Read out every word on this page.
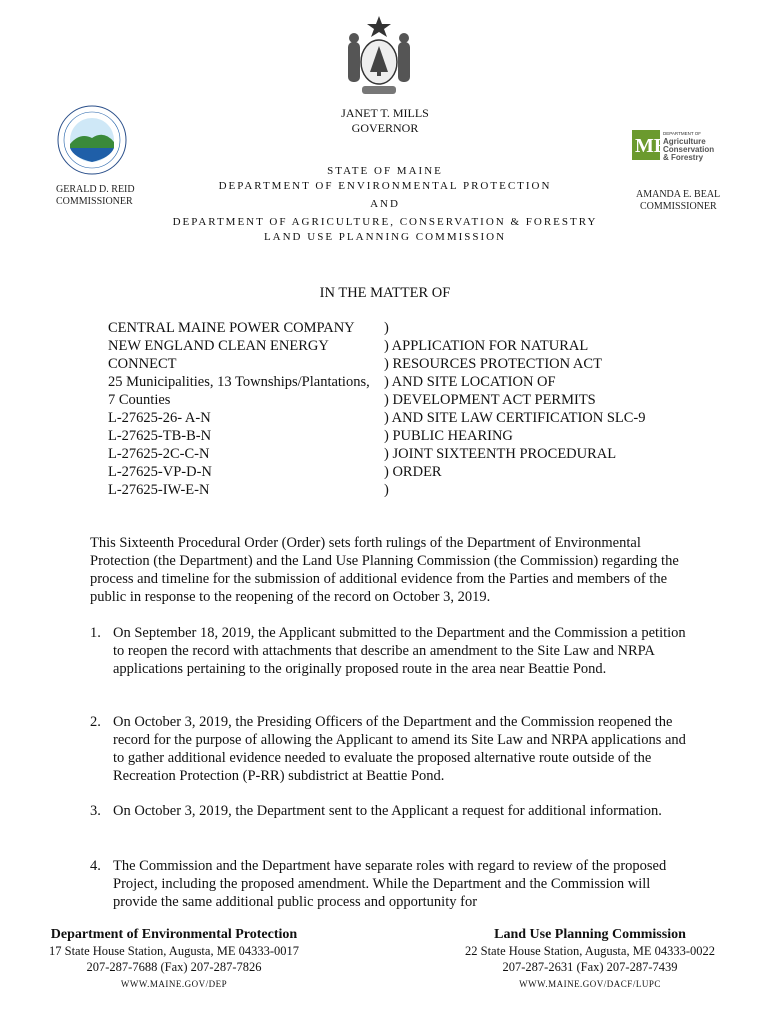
JANET T. MILLS
GOVERNOR
GERALD D. REID
COMMISSIONER
ME
DEPARTMENT OF
Agriculture
Conservation
& Forestry
AMANDA E. BEAL
COMMISSIONER
STATE OF MAINE
DEPARTMENT OF ENVIRONMENTAL PROTECTION
AND
DEPARTMENT OF AGRICULTURE, CONSERVATION & FORESTRY
LAND USE PLANNING COMMISSION
IN THE MATTER OF
CENTRAL MAINE POWER COMPANY
NEW ENGLAND CLEAN ENERGY
CONNECT
25 Municipalities, 13 Townships/Plantations,
7 Counties
L-27625-26- A-N
L-27625-TB-B-N
L-27625-2C-C-N
L-27625-VP-D-N
L-27625-IW-E-N
)
) APPLICATION FOR NATURAL
) RESOURCES PROTECTION ACT
) AND SITE LOCATION OF
) DEVELOPMENT ACT PERMITS
) AND SITE LAW CERTIFICATION SLC-9
) PUBLIC HEARING
) JOINT SIXTEENTH PROCEDURAL
) ORDER
)
This Sixteenth Procedural Order (Order) sets forth rulings of the Department of Environmental Protection (the Department) and the Land Use Planning Commission (the Commission) regarding the process and timeline for the submission of additional evidence from the Parties and members of the public in response to the reopening of the record on October 3, 2019.
1. On September 18, 2019, the Applicant submitted to the Department and the Commission a petition to reopen the record with attachments that describe an amendment to the Site Law and NRPA applications pertaining to the originally proposed route in the area near Beattie Pond.
2. On October 3, 2019, the Presiding Officers of the Department and the Commission reopened the record for the purpose of allowing the Applicant to amend its Site Law and NRPA applications and to gather additional evidence needed to evaluate the proposed alternative route outside of the Recreation Protection (P-RR) subdistrict at Beattie Pond.
3. On October 3, 2019, the Department sent to the Applicant a request for additional information.
4. The Commission and the Department have separate roles with regard to review of the proposed Project, including the proposed amendment. While the Department and the Commission will provide the same additional public process and opportunity for
Department of Environmental Protection
17 State House Station, Augusta, ME 04333-0017
207-287-7688 (Fax) 207-287-7826
WWW.MAINE.GOV/DEP
Land Use Planning Commission
22 State House Station, Augusta, ME 04333-0022
207-287-2631 (Fax) 207-287-7439
WWW.MAINE.GOV/DACF/LUPC
